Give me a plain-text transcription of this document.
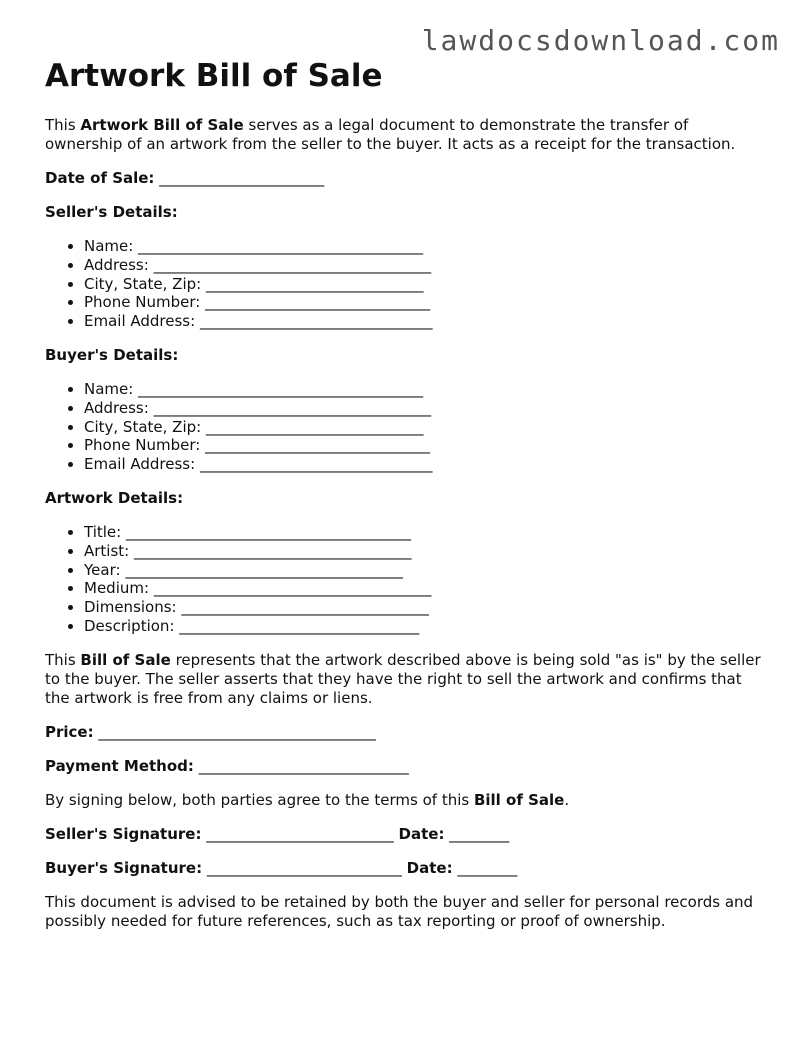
lawdocsdownload.com
Artwork Bill of Sale

This Artwork Bill of Sale serves as a legal document to demonstrate the transfer of ownership of an artwork from the seller to the buyer. It acts as a receipt for the transaction.

Date of Sale: ______________________

Seller's Details:

• Name: ______________________________________
• Address: _____________________________________
• City, State, Zip: _____________________________
• Phone Number: ______________________________
• Email Address: _______________________________

Buyer's Details:

• Name: ______________________________________
• Address: _____________________________________
• City, State, Zip: _____________________________
• Phone Number: ______________________________
• Email Address: _______________________________

Artwork Details:

• Title: ______________________________________
• Artist: _____________________________________
• Year: _____________________________________
• Medium: _____________________________________
• Dimensions: _________________________________
• Description: ________________________________

This Bill of Sale represents that the artwork described above is being sold "as is" by the seller to the buyer. The seller asserts that they have the right to sell the artwork and confirms that the artwork is free from any claims or liens.

Price: _____________________________________

Payment Method: ____________________________

By signing below, both parties agree to the terms of this Bill of Sale.

Seller's Signature: _________________________ Date: ________

Buyer's Signature: __________________________ Date: ________

This document is advised to be retained by both the buyer and seller for personal records and possibly needed for future references, such as tax reporting or proof of ownership.
